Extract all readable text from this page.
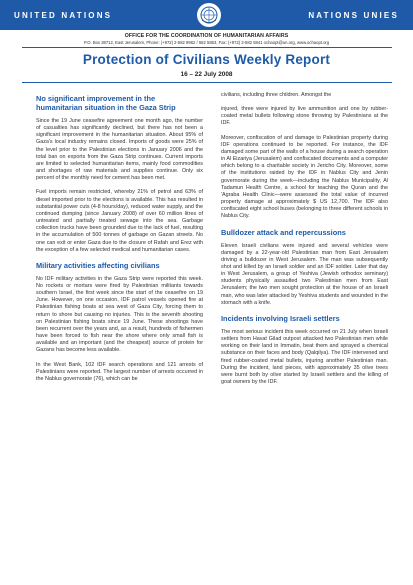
UNITED NATIONS	NATIONS UNIES
OFFICE FOR THE COORDINATION OF HUMANITARIAN AFFAIRS
P.O. Box 38712, East Jerusalem, Phone: (+972) 2-582 9962 / 582 5853, Fax: (+972) 2-582 5841 ochaopt@un.org, www.ochaopt.org
Protection of Civilians Weekly Report
16 – 22 July 2008
No significant improvement in the humanitarian situation in the Gaza Strip

Since the 19 June ceasefire agreement one month ago, the number of casualties has significantly declined, but there has not been a significant improvement in the humanitarian situation. About 95% of Gaza's local industry remains closed. Imports of goods were 25% of the level prior to the Palestinian elections in January 2006 and the total ban on exports from the Gaza Strip continues. Current imports are limited to selected humanitarian items, mainly food commodities and shortages of raw materials and supplies continue. Only six percent of the monthly need for cement has been met.

Fuel imports remain restricted, whereby 21% of petrol and 63% of diesel imported prior to the elections is available. This has resulted in substantial power cuts (4-8 hours/day), reduced water supply, and the continued dumping (since January 2008) of over 60 million litres of untreated and partially treated sewage into the sea. Garbage collection trucks have been grounded due to the lack of fuel, resulting in the accumulation of 500 tonnes of garbage on Gazan streets. No one can exit or enter Gaza due to the closure of Rafah and Erez with the exception of a few selected medical and humanitarian cases.

Military activities affecting civilians

No IDF military activities in the Gaza Strip were reported this week. No rockets or mortars were fired by Palestinian militants towards southern Israel, the first week since the start of the ceasefire on 19 June. However, on one occasion, IDF patrol vessels opened fire at Palestinian fishing boats at sea west of Gaza City, forcing them to return to shore but causing no injuries. This is the seventh shooting on Palestinian fishing boats since 19 June. These shootings have been recurrent over the years and, as a result, hundreds of fishermen have been forced to fish near the shore where only small fish is available and an important (and the cheapest) source of protein for Gazans has become less available.

In the West Bank, 102 IDF search operations and 121 arrests of Palestinians were reported. The largest number of arrests occurred in the Nablus governorate (76), which can be

civilians, including three children. Amongst the

injured, three were injured by live ammunition and one by rubber-coated metal bullets following stone throwing by Palestinians at the IDF.

Moreover, confiscation of and damage to Palestinian property during IDF operations continued to be reported. For instance, the IDF damaged some part of the walls of a house during a search operation in Al Eizariya (Jerusalem) and confiscated documents and a computer which belong to a charitable society in Jericho City. Moreover, some of the institutions raided by the IDF in Nablus City and Jenin governorate during the week—including the Nablus Municipality, Al Tadamun Health Centre, a school for teaching the Quran and the 'Agraba Health Clinic—were assessed the total value of incurred property damage at approximately $ US 12,700. The IDF also confiscated eight school buses (belonging to three different schools in Nablus City.

Bulldozer attack and repercussions

Eleven Israeli civilians were injured and several vehicles were damaged by a 22-year-old Palestinian man from East Jerusalem driving a bulldozer in West Jerusalem. The man was subsequently shot and killed by an Israeli soldier and an IDF soldier. Later that day in West Jerusalem, a group of Yeshiva (Jewish orthodox seminary) students physically assaulted two Palestinian men from East Jerusalem; the two men sought protection at the house of an Israeli man, who was later attacked by Yeshiva students and wounded in the stomach with a knife.

Incidents involving Israeli settlers

The most serious incident this week occurred on 21 July when Israeli settlers from Havat Gilad outpost attacked two Palestinian men while working on their land in Immatin, beat them and sprayed a chemical substance on their faces and body (Qalqilya). The IDF intervened and fired rubber-coated metal bullets, injuring another Palestinian man. During the incident, land pieces, with approximately 35 olive trees were burnt both by olive started by Israeli settlers and the killing of goat owners by the IDF.
